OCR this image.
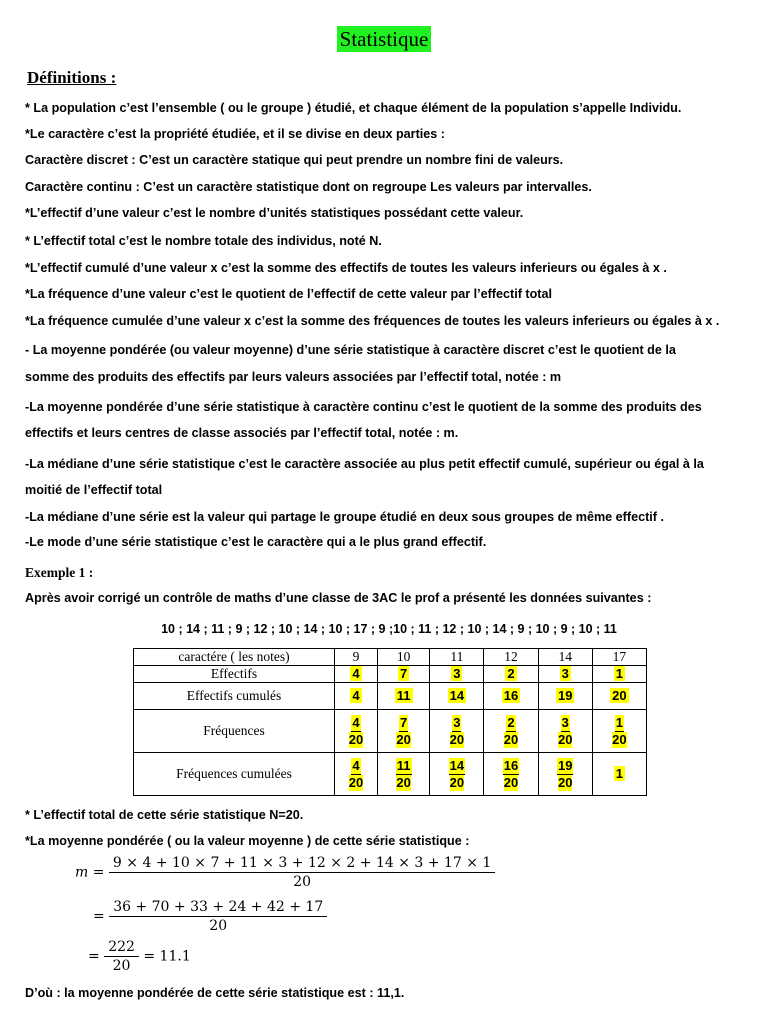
Statistique
Définitions :
* La population c’est l’ensemble ( ou le groupe ) étudié, et chaque élément de la population s’appelle Individu.
*Le caractère c’est la propriété étudiée, et il se divise en deux parties :
Caractère discret : C’est un caractère statique qui peut prendre un nombre fini de valeurs.
Caractère continu : C’est un caractère statistique dont on regroupe Les valeurs par intervalles.
*L’effectif d’une valeur c’est le nombre d’unités statistiques possédant cette valeur.
* L’effectif total c’est le nombre totale des individus, noté N.
*L’effectif cumulé d’une valeur x c’est la somme des effectifs de toutes les valeurs inferieurs ou égales à x .
*La fréquence d’une valeur c’est le quotient de l’effectif de cette valeur par l’effectif total
*La fréquence cumulée d’une valeur x c’est la somme des fréquences de toutes les valeurs inferieurs ou égales à x .
- La moyenne pondérée (ou valeur moyenne) d’une série statistique à caractère discret c’est le quotient de la
somme des produits des effectifs par leurs valeurs associées par l’effectif total, notée : m
-La moyenne pondérée d’une série statistique à caractère continu c’est le quotient de la somme des produits des
effectifs et leurs centres de classe associés par l’effectif total, notée : m.
-La médiane d’une série statistique c’est le caractère associée au plus petit effectif cumulé, supérieur ou égal à la
moitié de l’effectif total
-La médiane d’une série est la valeur qui partage le groupe étudié en deux sous groupes de même effectif .
-Le mode d’une série statistique c’est le caractère qui a le plus grand effectif.
Exemple 1 :
Après avoir corrigé un contrôle de maths d’une classe de 3AC le prof a présenté les données suivantes :
10 ; 14 ; 11 ; 9 ; 12 ; 10 ; 14 ; 10 ; 17 ; 9 ;10 ; 11 ; 12 ; 10 ; 14 ; 9 ; 10 ; 9 ; 10 ; 11
caractére ( les notes)	9	10	11	12	14	17
Effectifs	4	7	3	2	3	1
Effectifs cumulés	4	11	14	16	19	20
Fréquences	$\frac{4}{20}$	$\frac{7}{20}$	$\frac{3}{20}$	$\frac{2}{20}$	$\frac{3}{20}$	$\frac{1}{20}$

Fréquences cumulées	$\frac{4}{20}$	$\frac{11}{20}$	$\frac{14}{20}$	$\frac{16}{20}$	$\frac{19}{20}$	1
* L’effectif total de cette série statistique N=20.
*La moyenne pondérée ( ou la valeur moyenne ) de cette série statistique :
$m = \frac{9 \times 4 + 10 \times 7 + 11 \times 3 + 12 \times 2 + 14 \times 3 + 17 \times 1}{20}$
= $\frac{36 + 70 + 33 + 24 + 42 + 17}{20}$
= $\frac{222}{20} = 11.1$
D’où : la moyenne pondérée de cette série statistique est : 11,1.
